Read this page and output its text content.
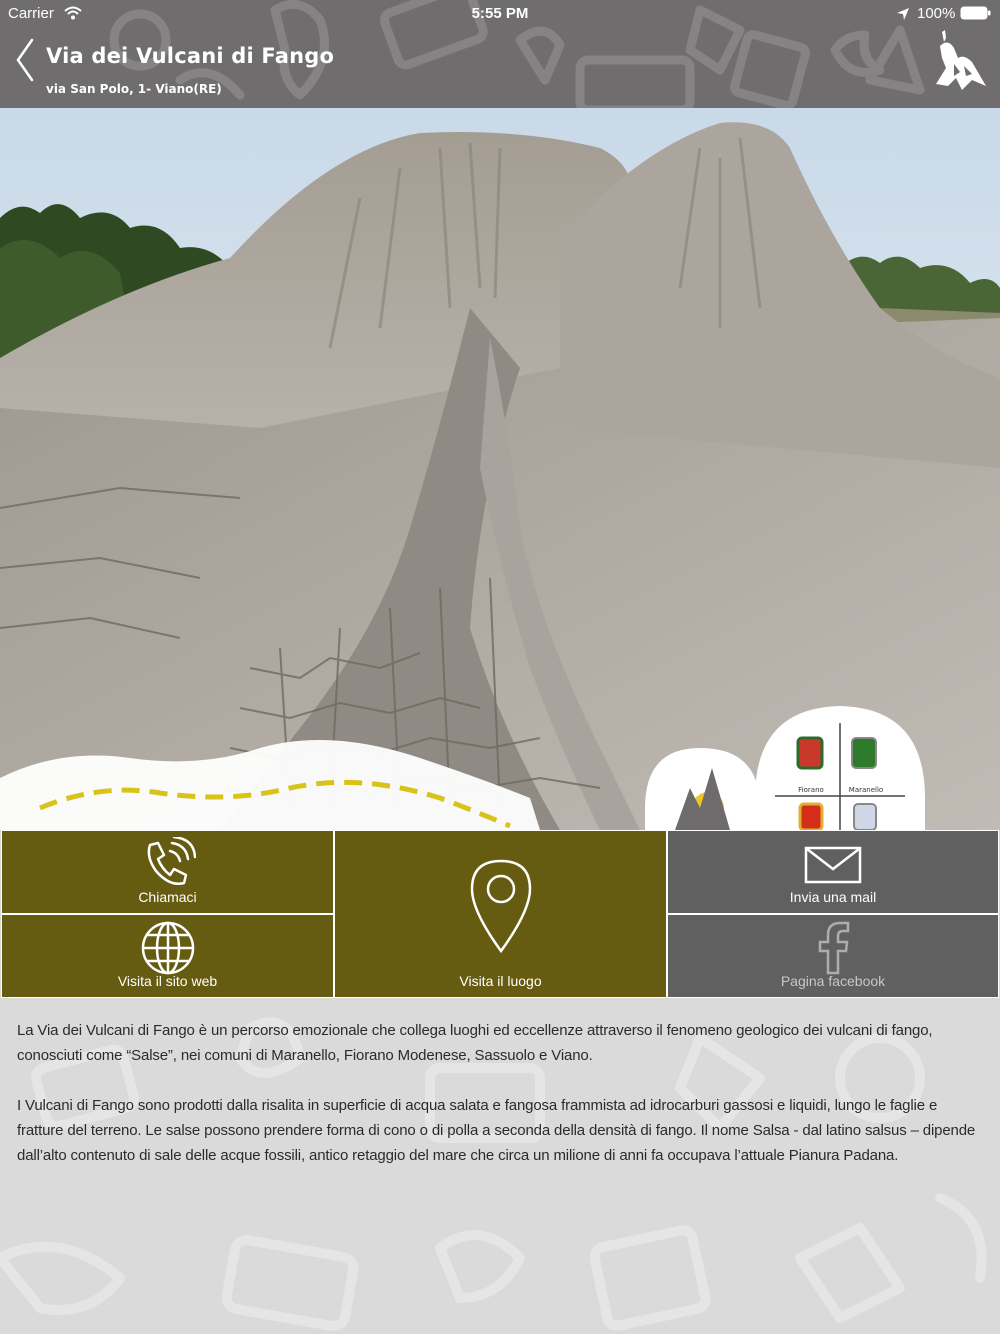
Carrier	5:55 PM	100%
Via dei Vulcani di Fango
via San Polo, 1- Viano(RE)
Fiorano	Maranello
Chiamaci
Visita il luogo
Invia una mail
Visita il sito web	Pagina facebook

La Via dei Vulcani di Fango è un percorso emozionale che collega luoghi ed eccellenze attraverso il fenomeno geologico dei vulcani di fango, conosciuti come “Salse”, nei comuni di Maranello, Fiorano Modenese, Sassuolo e Viano.

I Vulcani di Fango sono prodotti dalla risalita in superficie di acqua salata e fangosa frammista ad idrocarburi gassosi e liquidi, lungo le faglie e fratture del terreno. Le salse possono prendere forma di cono o di polla a seconda della densità di fango. Il nome Salsa - dal latino salsus – dipende dall’alto contenuto di sale delle acque fossili, antico retaggio del mare che circa un milione di anni fa occupava l’attuale Pianura Padana.
